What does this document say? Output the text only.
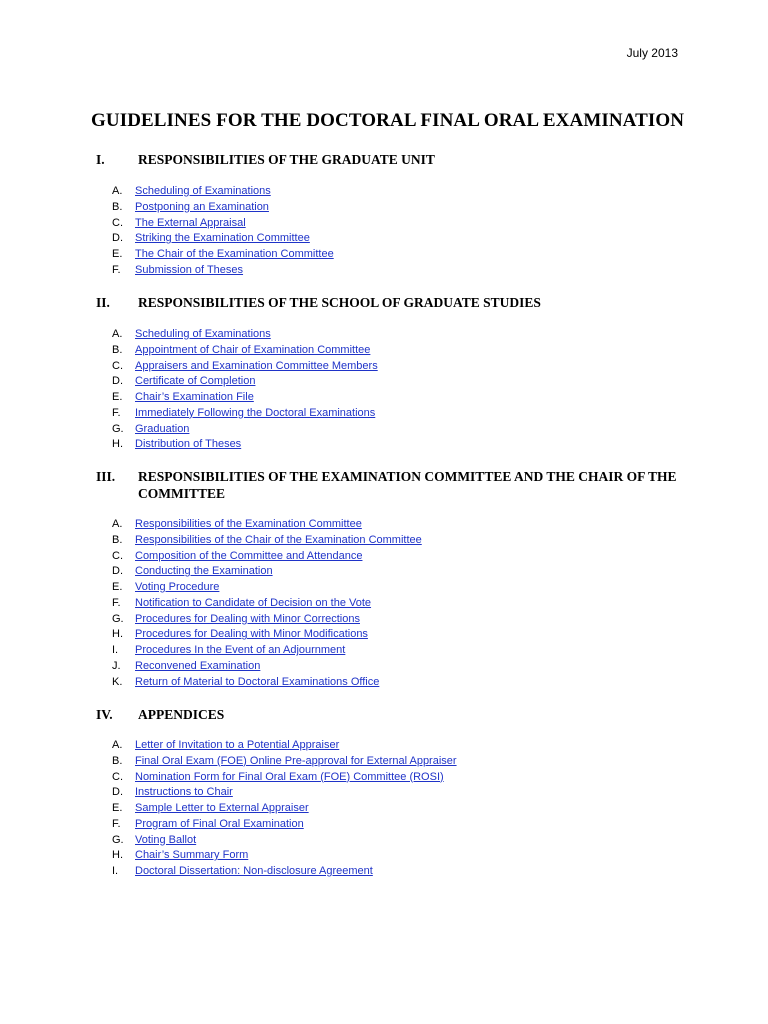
July 2013
GUIDELINES FOR THE DOCTORAL FINAL ORAL EXAMINATION
I.	RESPONSIBILITIES OF THE GRADUATE UNIT
A.	Scheduling of Examinations
B.	Postponing an Examination
C.	The External Appraisal
D.	Striking the Examination Committee
E.	The Chair of the Examination Committee
F.	Submission of Theses
II.	RESPONSIBILITIES OF THE SCHOOL OF GRADUATE STUDIES
A.	Scheduling of Examinations
B.	Appointment of Chair of Examination Committee
C.	Appraisers and Examination Committee Members
D.	Certificate of Completion
E.	Chair’s Examination File
F.	Immediately Following the Doctoral Examinations
G.	Graduation
H.	Distribution of Theses
III.	RESPONSIBILITIES OF THE EXAMINATION COMMITTEE AND THE CHAIR OF THE COMMITTEE
A.	Responsibilities of the Examination Committee
B.	Responsibilities of the Chair of the Examination Committee
C.	Composition of the Committee and Attendance
D.	Conducting the Examination
E.	Voting Procedure
F.	Notification to Candidate of Decision on the Vote
G.	Procedures for Dealing with Minor Corrections
H.	Procedures for Dealing with Minor Modifications
I.	Procedures In the Event of an Adjournment
J.	Reconvened Examination
K.	Return of Material to Doctoral Examinations Office
IV.	APPENDICES
A.	Letter of Invitation to a Potential Appraiser
B.	Final Oral Exam (FOE) Online Pre-approval for External Appraiser
C.	Nomination Form for Final Oral Exam (FOE) Committee (ROSI)
D.	Instructions to Chair
E.	Sample Letter to External Appraiser
F.	Program of Final Oral Examination
G.	Voting Ballot
H.	Chair’s Summary Form
I.	Doctoral Dissertation: Non-disclosure Agreement
